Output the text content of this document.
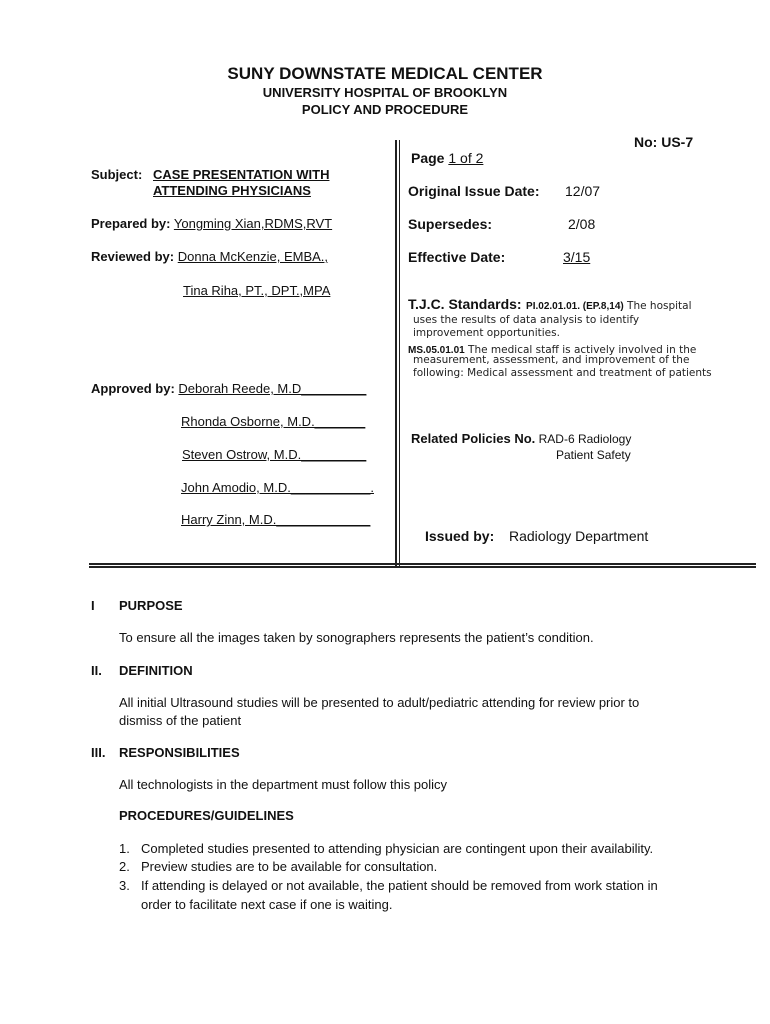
SUNY DOWNSTATE MEDICAL CENTER
UNIVERSITY HOSPITAL OF BROOKLYN
POLICY AND PROCEDURE
No: US-7
Page 1 of 2
Original Issue Date: 12/07
Supersedes:	2/08
Effective Date:	3/15
T.J.C. Standards: PI.02.01.01. (EP.8,14) The hospital
uses the results of data analysis to identify
improvement opportunities.
MS.05.01.01 The medical staff is actively involved in the
measurement, assessment, and improvement of the
following: Medical assessment and treatment of patients
Related Policies No. RAD-6 Radiology
Patient Safety
Issued by: Radiology Department
Subject: CASE PRESENTATION WITH
ATTENDING PHYSICIANS
Prepared by: Yongming Xian,RDMS,RVT
Reviewed by: Donna McKenzie, EMBA.,
Tina Riha, PT., DPT.,MPA
Approved by: Deborah Reede, M.D_________
Rhonda Osborne, M.D._______
Steven Ostrow, M.D._________
John Amodio, M.D.___________.
Harry Zinn, M.D._____________
I PURPOSE
To ensure all the images taken by sonographers represents the patient’s condition.
II. DEFINITION
All initial Ultrasound studies will be presented to adult/pediatric attending for review prior to
dismiss of the patient
III. RESPONSIBILITIES
All technologists in the department must follow this policy
PROCEDURES/GUIDELINES
1. Completed studies presented to attending physician are contingent upon their availability.
2. Preview studies are to be available for consultation.
3. If attending is delayed or not available, the patient should be removed from work station in
order to facilitate next case if one is waiting.
